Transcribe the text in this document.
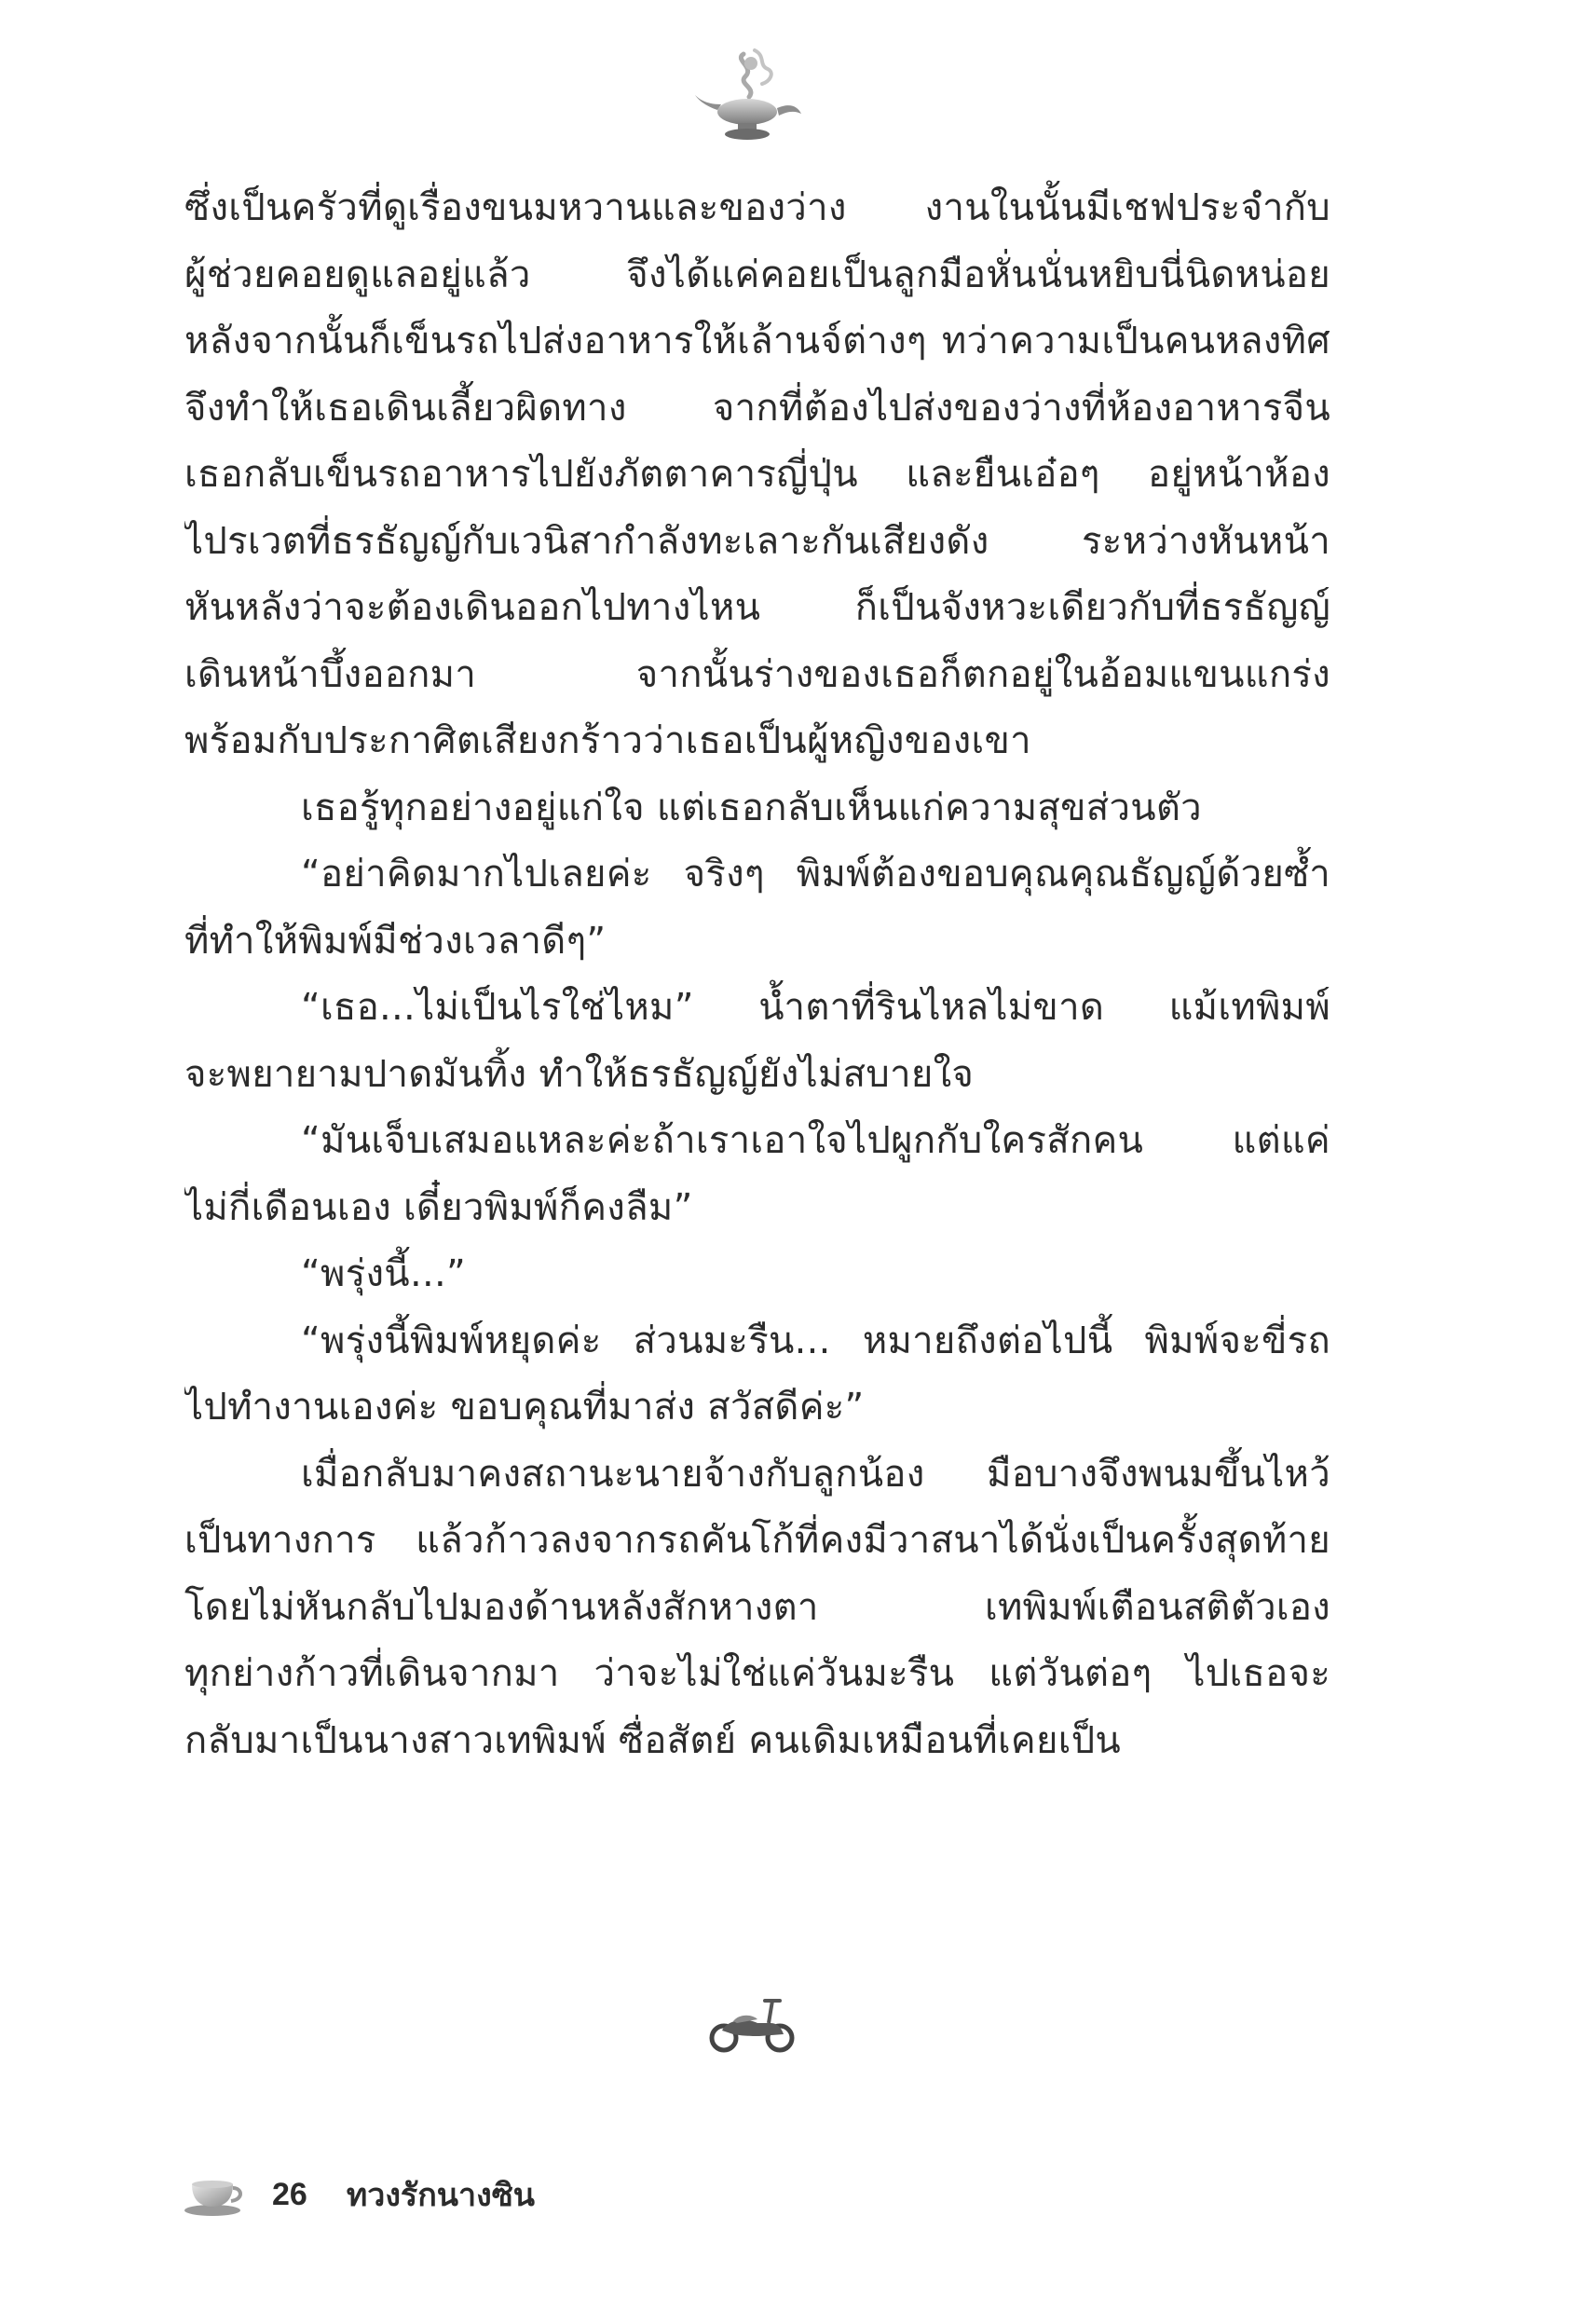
ซึ่งเป็นครัวที่ดูเรื่องขนมหวานและของว่าง งานในนั้นมีเชฟประจำกับ
ผู้ช่วยคอยดูแลอยู่แล้ว จึงได้แค่คอยเป็นลูกมือหั่นนั่นหยิบนี่นิดหน่อย
หลังจากนั้นก็เข็นรถไปส่งอาหารให้เล้านจ์ต่างๆ ทว่าความเป็นคนหลงทิศ
จึงทำให้เธอเดินเลี้ยวผิดทาง จากที่ต้องไปส่งของว่างที่ห้องอาหารจีน
เธอกลับเข็นรถอาหารไปยังภัตตาคารญี่ปุ่น และยืนเอ๋อๆ อยู่หน้าห้อง
ไปรเวตที่ธรธัญญ์กับเวนิสากำลังทะเลาะกันเสียงดัง ระหว่างหันหน้า
หันหลังว่าจะต้องเดินออกไปทางไหน ก็เป็นจังหวะเดียวกับที่ธรธัญญ์
เดินหน้าบึ้งออกมา จากนั้นร่างของเธอก็ตกอยู่ในอ้อมแขนแกร่ง
พร้อมกับประกาศิตเสียงกร้าวว่าเธอเป็นผู้หญิงของเขา
เธอรู้ทุกอย่างอยู่แก่ใจ แต่เธอกลับเห็นแก่ความสุขส่วนตัว
“อย่าคิดมากไปเลยค่ะ จริงๆ พิมพ์ต้องขอบคุณคุณธัญญ์ด้วยซ้ำ
ที่ทำให้พิมพ์มีช่วงเวลาดีๆ”
“เธอ...ไม่เป็นไรใช่ไหม” น้ำตาที่รินไหลไม่ขาด แม้เทพิมพ์
จะพยายามปาดมันทิ้ง ทำให้ธรธัญญ์ยังไม่สบายใจ
“มันเจ็บเสมอแหละค่ะถ้าเราเอาใจไปผูกกับใครสักคน แต่แค่
ไม่กี่เดือนเอง เดี๋ยวพิมพ์ก็คงลืม”
“พรุ่งนี้...”
“พรุ่งนี้พิมพ์หยุดค่ะ ส่วนมะรืน... หมายถึงต่อไปนี้ พิมพ์จะขี่รถ
ไปทำงานเองค่ะ ขอบคุณที่มาส่ง สวัสดีค่ะ”
เมื่อกลับมาคงสถานะนายจ้างกับลูกน้อง มือบางจึงพนมขึ้นไหว้
เป็นทางการ แล้วก้าวลงจากรถคันโก้ที่คงมีวาสนาได้นั่งเป็นครั้งสุดท้าย
โดยไม่หันกลับไปมองด้านหลังสักหางตา เทพิมพ์เตือนสติตัวเอง
ทุกย่างก้าวที่เดินจากมา ว่าจะไม่ใช่แค่วันมะรืน แต่วันต่อๆ ไปเธอจะ
กลับมาเป็นนางสาวเทพิมพ์ ซื่อสัตย์ คนเดิมเหมือนที่เคยเป็น
26 ทวงรักนางซิน
